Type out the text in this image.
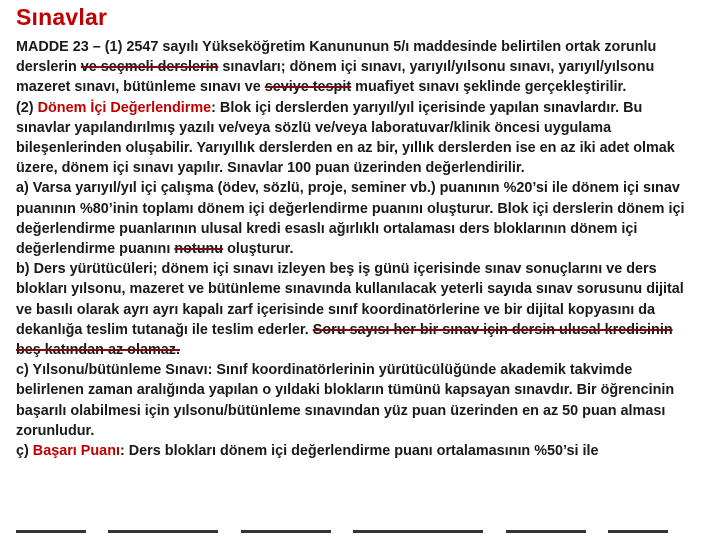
Sınavlar

MADDE 23 – (1) 2547 sayılı Yükseköğretim Kanununun 5/ı maddesinde belirtilen ortak zorunlu derslerin ve seçmeli derslerin sınavları; dönem içi sınavı, yarıyıl/yılsonu sınavı, yarıyıl/yılsonu mazeret sınavı, bütünleme sınavı ve seviye tespit muafiyet sınavı şeklinde gerçekleştirilir.

(2) Dönem İçi Değerlendirme: Blok içi derslerden yarıyıl/yıl içerisinde yapılan sınavlardır. Bu sınavlar yapılandırılmış yazılı ve/veya sözlü ve/veya laboratuvar/klinik öncesi uygulama bileşenlerinden oluşabilir. Yarıyıllık derslerden en az bir, yıllık derslerden ise en az iki adet olmak üzere, dönem içi sınavı yapılır. Sınavlar 100 puan üzerinden değerlendirilir.

a) Varsa yarıyıl/yıl içi çalışma (ödev, sözlü, proje, seminer vb.) puanının %20’si ile dönem içi sınav puanının %80’inin toplamı dönem içi değerlendirme puanını oluşturur. Blok içi derslerin dönem içi değerlendirme puanlarının ulusal kredi esaslı ağırlıklı ortalaması ders bloklarının dönem içi değerlendirme puanını notunu oluşturur.

b) Ders yürütücüleri; dönem içi sınavı izleyen beş iş günü içerisinde sınav sonuçlarını ve ders blokları yılsonu, mazeret ve bütünleme sınavında kullanılacak yeterli sayıda sınav sorusunu dijital ve basılı olarak ayrı ayrı kapalı zarf içerisinde sınıf koordinatörlerine ve bir dijital kopyasını da dekanlığa teslim tutanağı ile teslim ederler. Soru sayısı her bir sınav için dersin ulusal kredisinin beş katından az olamaz.

c) Yılsonu/bütünleme Sınavı: Sınıf koordinatörlerinin yürütücülüğünde akademik takvimde belirlenen zaman aralığında yapılan o yıldaki blokların tümünü kapsayan sınavdır. Bir öğrencinin başarılı olabilmesi için yılsonu/bütünleme sınavından yüz puan üzerinden en az 50 puan alması zorunludur.

ç) Başarı Puanı: Ders blokları dönem içi değerlendirme puanı ortalamasının %50’si ile
